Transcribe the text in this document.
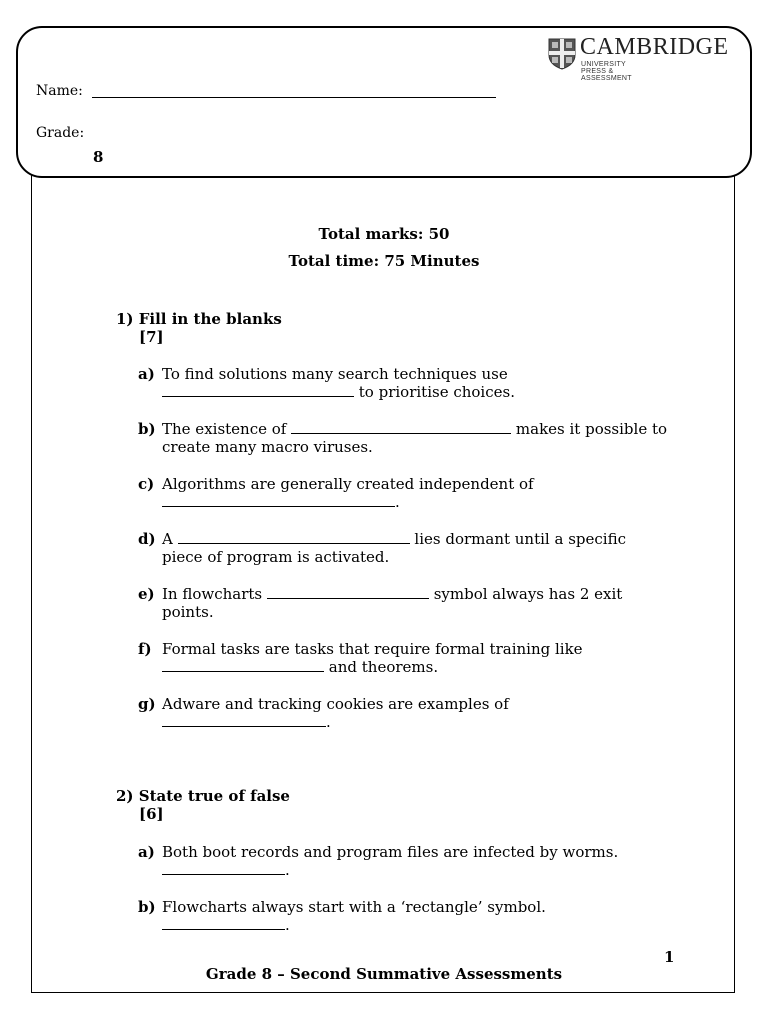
Name:
Grade:
8
CAMBRIDGE
UNIVERSITY PRESS & ASSESSMENT
Total marks: 50
Total time: 75 Minutes
1) Fill in the blanks
[7]
a) To find solutions many search techniques use
to prioritise choices.
b) The existence of	makes it possible to
create many macro viruses.
c) Algorithms are generally created independent of
.
d) A	lies dormant until a specific
piece of program is activated.
e) In flowcharts	symbol always has 2 exit
points.
f) Formal tasks are tasks that require formal training like
and theorems.
g) Adware and tracking cookies are examples of
.
2) State true of false
[6]
a) Both boot records and program files are infected by worms.
.
b) Flowcharts always start with a ‘rectangle’ symbol.
.
1
Grade 8 – Second Summative Assessments
